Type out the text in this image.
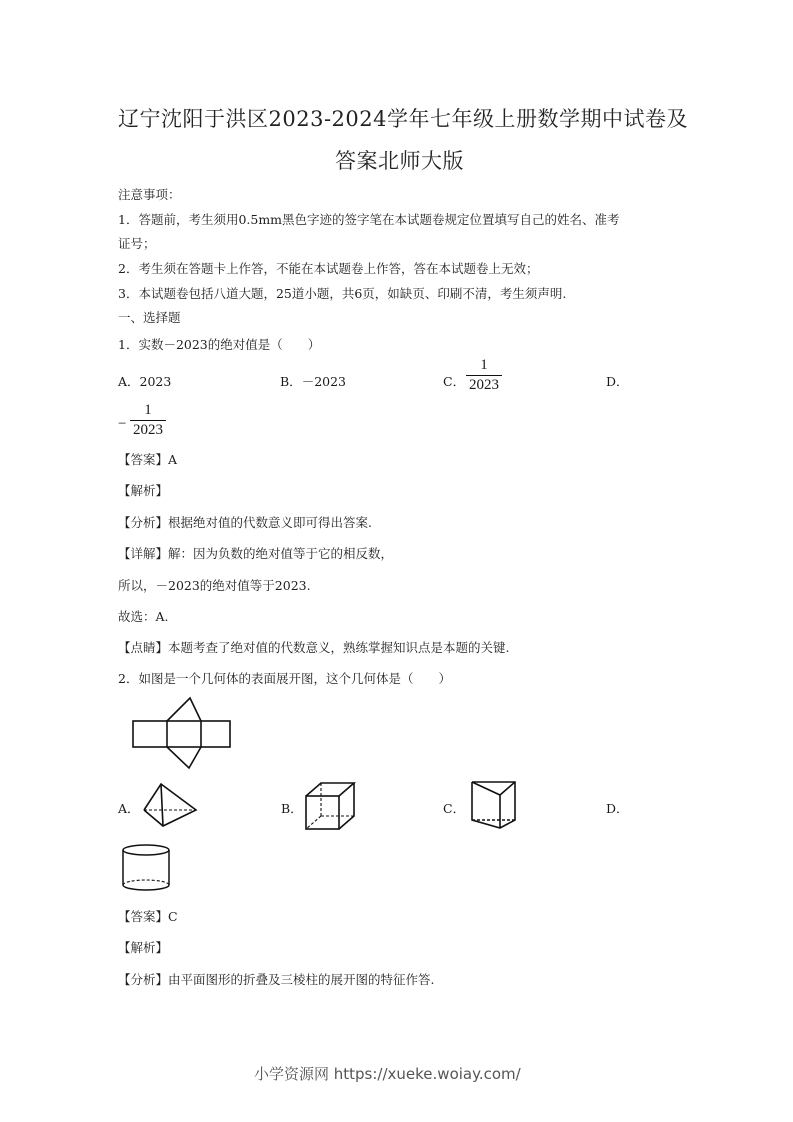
辽宁沈阳于洪区2023-2024学年七年级上册数学期中试卷及
答案北师大版
注意事项：
1．答题前，考生须用0.5mm黑色字迹的签字笔在本试题卷规定位置填写自己的姓名、准考
证号；
2．考生须在答题卡上作答，不能在本试题卷上作答，答在本试题卷上无效；
3．本试题卷包括八道大题，25道小题，共6页，如缺页、印刷不清，考生须声明.
一、选择题
1．实数－2023的绝对值是（　　）
A．2023	B．－2023	C．
1
2023	D．
−
1
2023
【答案】A
【解析】
【分析】根据绝对值的代数意义即可得出答案.
【详解】解：因为负数的绝对值等于它的相反数，
所以，－2023的绝对值等于2023.
故选：A.
【点睛】本题考查了绝对值的代数意义，熟练掌握知识点是本题的关键.
2．如图是一个几何体的表面展开图，这个几何体是（　　）
A．	B．	C．	D．
【答案】C
【解析】
【分析】由平面图形的折叠及三棱柱的展开图的特征作答.
小学资源网 https://xueke.woiay.com/
